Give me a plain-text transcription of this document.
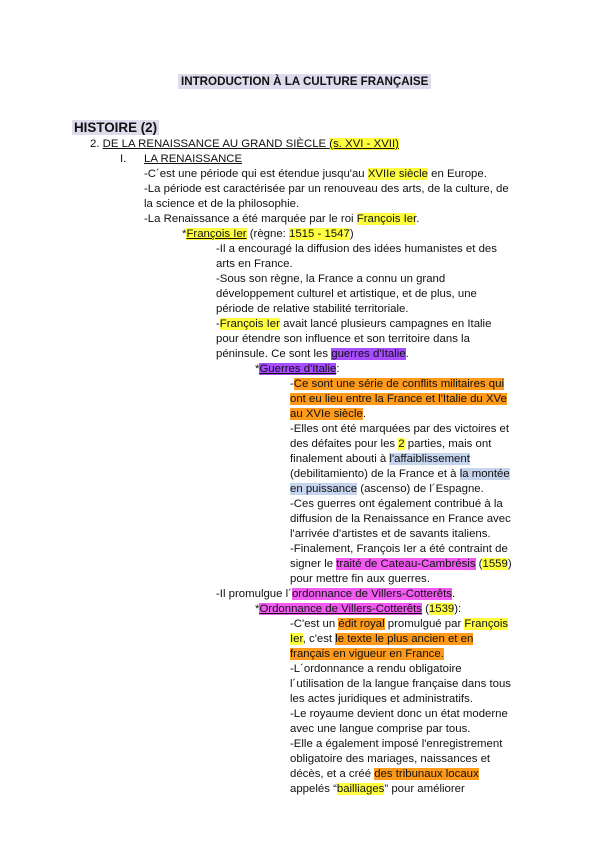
INTRODUCTION À LA CULTURE FRANÇAISE
HISTOIRE (2)
2. DE LA RENAISSANCE AU GRAND SIÈCLE (s. XVI - XVII)
I. LA RENAISSANCE
-C´est une période qui est étendue jusqu'au XVIIe siècle en Europe.
-La période est caractérisée par un renouveau des arts, de la culture, de
la science et de la philosophie.
-La Renaissance a été marquée par le roi François Ier.
*François Ier (règne: 1515 - 1547)
-Il a encouragé la diffusion des idées humanistes et des
arts en France.
-Sous son règne, la France a connu un grand
développement culturel et artistique, et de plus, une
période de relative stabilité territoriale.
-François Ier avait lancé plusieurs campagnes en Italie
pour étendre son influence et son territoire dans la
péninsule. Ce sont les guerres d'Italie.
*Guerres d'Italie:
-Ce sont une série de conflits militaires qui
ont eu lieu entre la France et l'Italie du XVe
au XVIe siècle.
-Elles ont été marquées par des victoires et
des défaites pour les 2 parties, mais ont
finalement abouti à l'affaiblissement
(debilitamiento) de la France et à la montée
en puissance (ascenso) de l´Espagne.
-Ces guerres ont également contribué à la
diffusion de la Renaissance en France avec
l'arrivée d'artistes et de savants italiens.
-Finalement, François Ier a été contraint de
signer le traité de Cateau-Cambrésis (1559)
pour mettre fin aux guerres.
-Il promulgue l´ordonnance de Villers-Cotterêts.
*Ordonnance de Villers-Cotterêts (1539):
-C'est un édit royal promulgué par François
Ier, c'est le texte le plus ancien et en
français en vigueur en France.
-L´ordonnance a rendu obligatoire
l´utilisation de la langue française dans tous
les actes juridiques et administratifs.
-Le royaume devient donc un état moderne
avec une langue comprise par tous.
-Elle a également imposé l'enregistrement
obligatoire des mariages, naissances et
décès, et a créé des tribunaux locaux
appelés “bailliages” pour améliorer
